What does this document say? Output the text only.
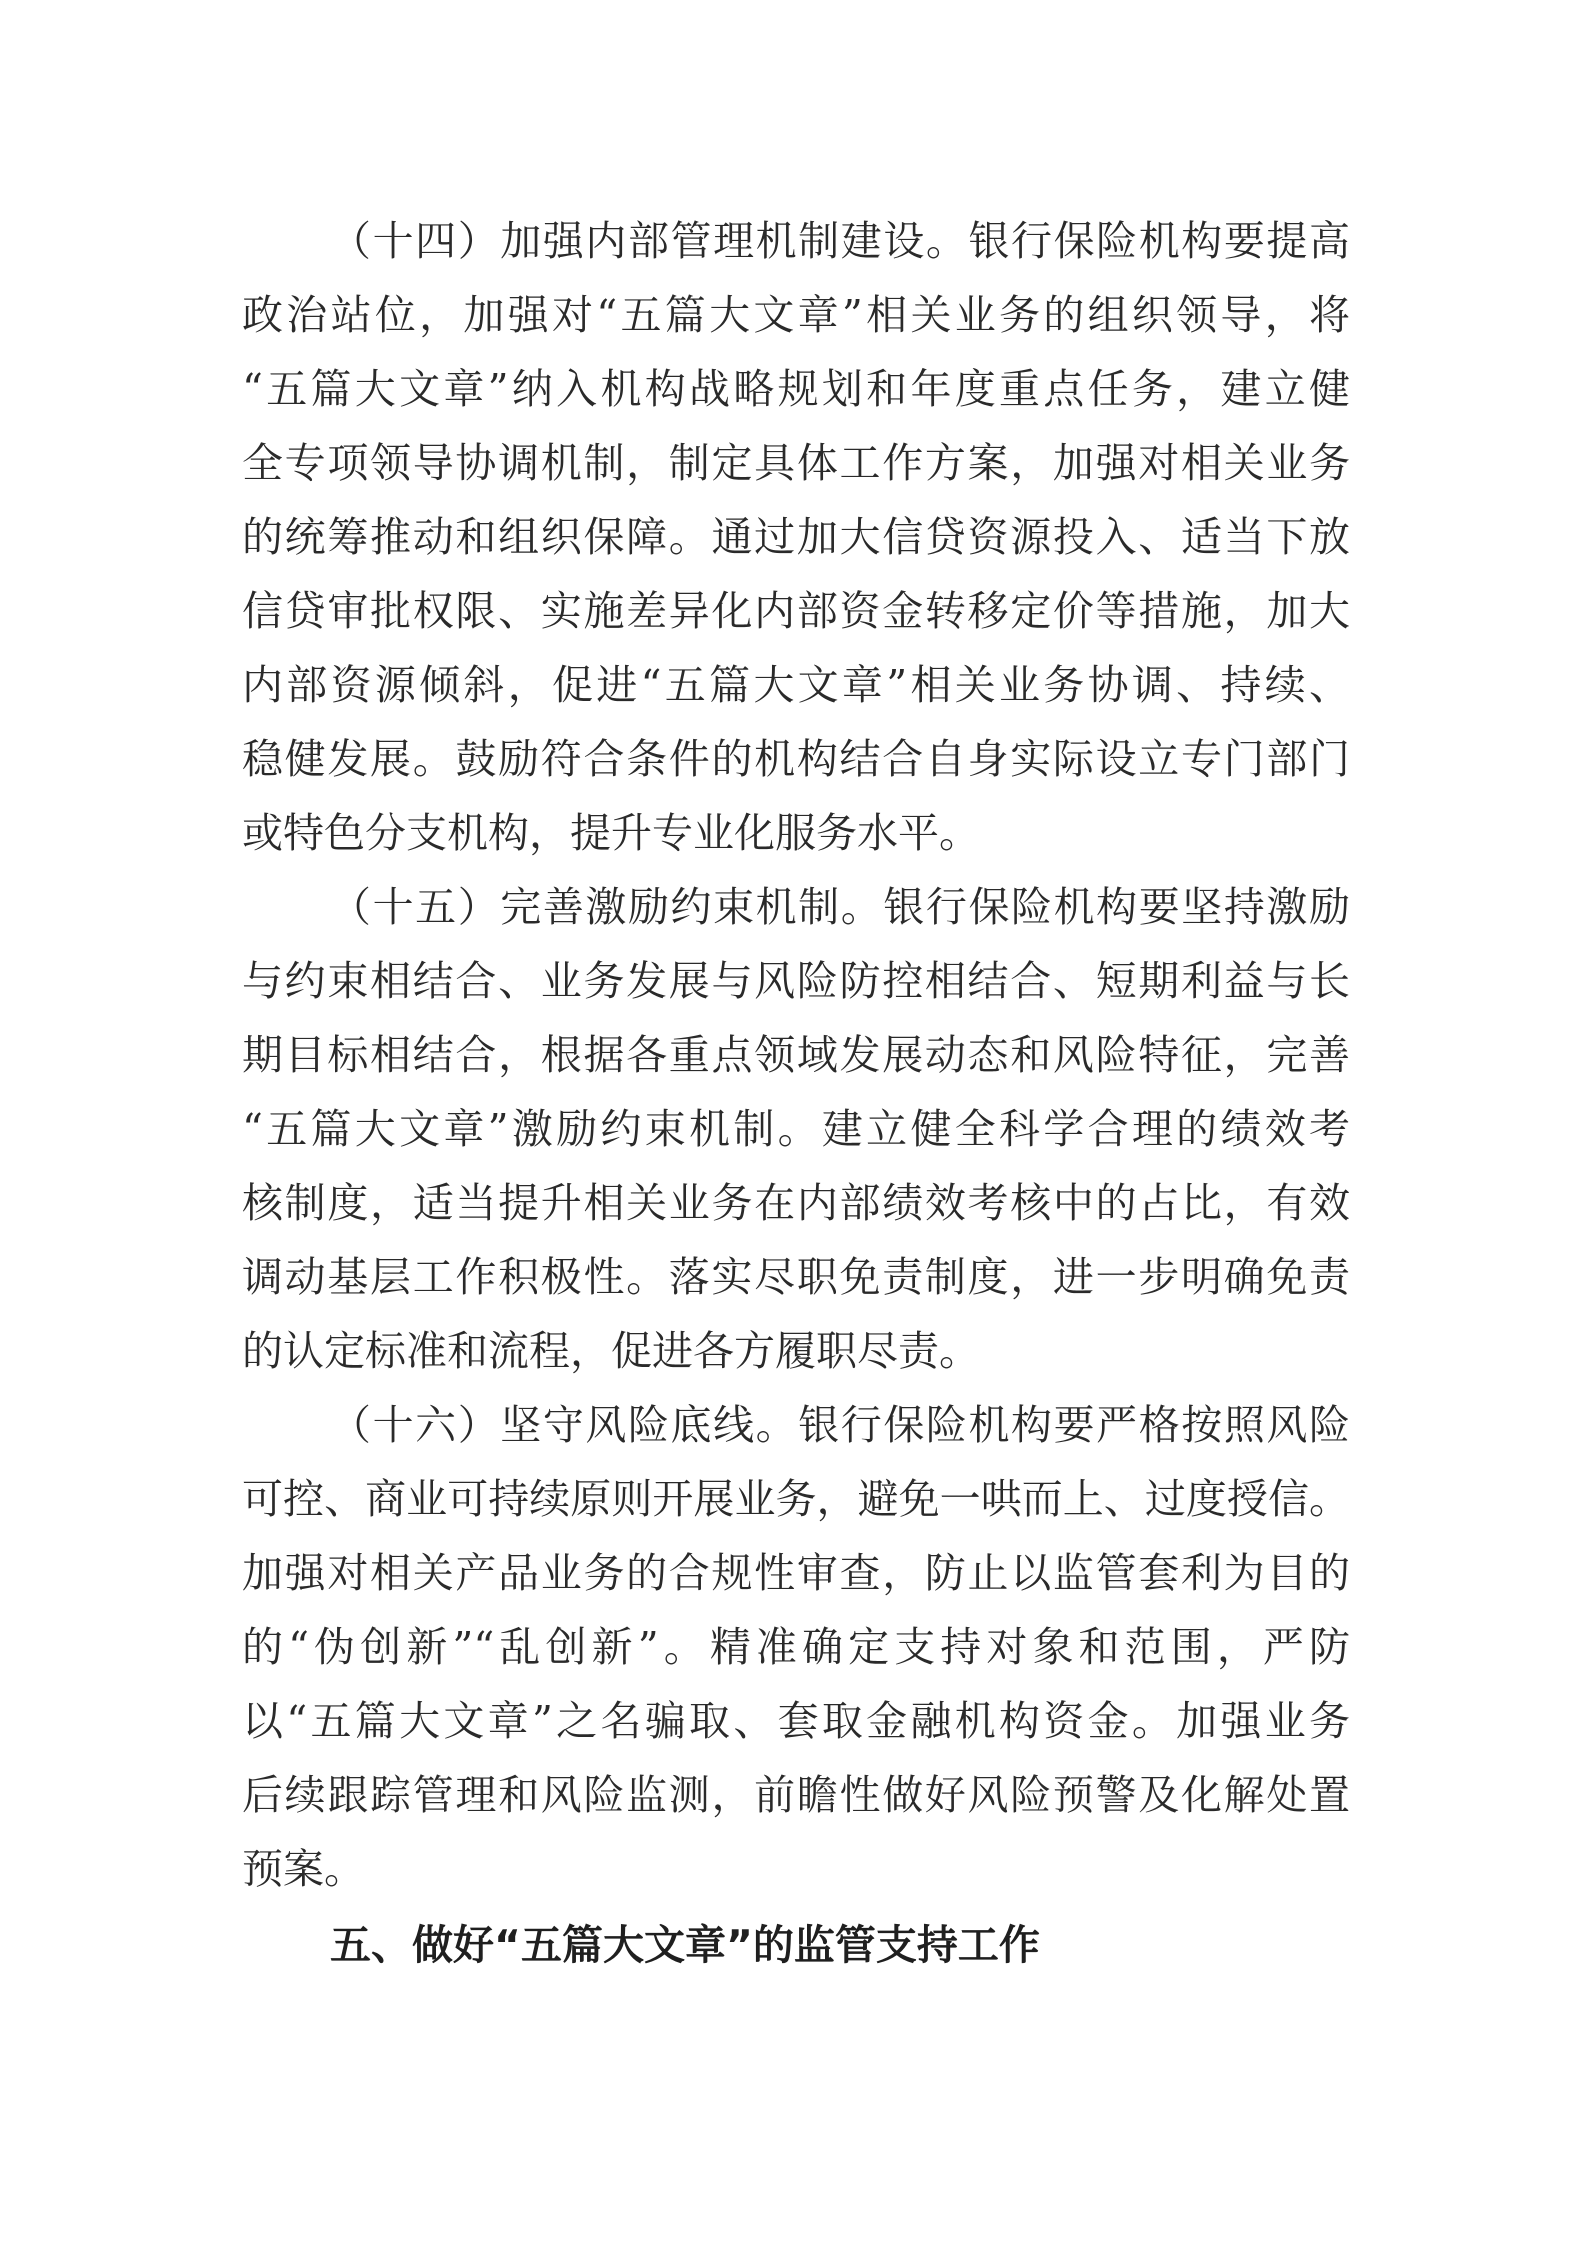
（十四）加强内部管理机制建设。银行保险机构要提高

政治站位，加强对“五篇大文章”相关业务的组织领导，将

“五篇大文章”纳入机构战略规划和年度重点任务，建立健

全专项领导协调机制，制定具体工作方案，加强对相关业务

的统筹推动和组织保障。通过加大信贷资源投入、适当下放

信贷审批权限、实施差异化内部资金转移定价等措施，加大

内部资源倾斜，促进“五篇大文章”相关业务协调、持续、

稳健发展。鼓励符合条件的机构结合自身实际设立专门部门

或特色分支机构，提升专业化服务水平。

（十五）完善激励约束机制。银行保险机构要坚持激励

与约束相结合、业务发展与风险防控相结合、短期利益与长

期目标相结合，根据各重点领域发展动态和风险特征，完善

“五篇大文章”激励约束机制。建立健全科学合理的绩效考

核制度，适当提升相关业务在内部绩效考核中的占比，有效

调动基层工作积极性。落实尽职免责制度，进一步明确免责

的认定标准和流程，促进各方履职尽责。

（十六）坚守风险底线。银行保险机构要严格按照风险

可控、商业可持续原则开展业务，避免一哄而上、过度授信。

加强对相关产品业务的合规性审查，防止以监管套利为目的

的“伪创新”“乱创新”。精准确定支持对象和范围，严防

以“五篇大文章”之名骗取、套取金融机构资金。加强业务

后续跟踪管理和风险监测，前瞻性做好风险预警及化解处置

预案。

五、做好“五篇大文章”的监管支持工作
